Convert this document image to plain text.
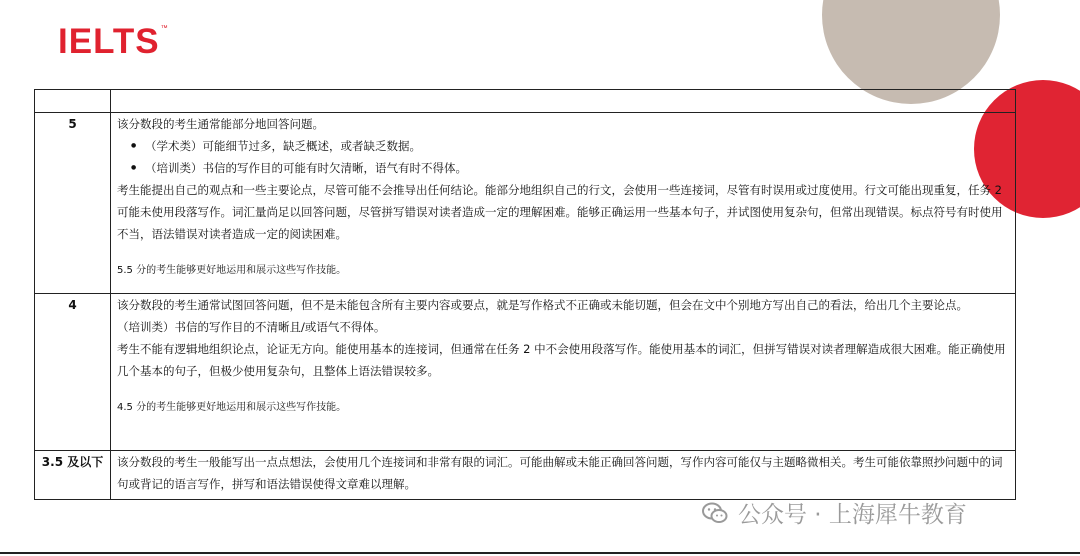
IELTS™

5	该分数段的考生通常能部分地回答问题。
● （学术类）可能细节过多，缺乏概述，或者缺乏数据。
● （培训类）书信的写作目的可能有时欠清晰，语气有时不得体。
考生能提出自己的观点和一些主要论点，尽管可能不会推导出任何结论。能部分地组织自己的行文，会使用一些连接词，尽管有时误用或过度使用。行文可能出现重复，任务 2 可能未使用段落写作。词汇量尚足以回答问题，尽管拼写错误对读者造成一定的理解困难。能够正确运用一些基本句子，并试图使用复杂句，但常出现错误。标点符号有时使用不当，语法错误对读者造成一定的阅读困难。
5.5 分的考生能够更好地运用和展示这些写作技能。

4	该分数段的考生通常试图回答问题，但不是未能包含所有主要内容或要点，就是写作格式不正确或未能切题，但会在文中个别地方写出自己的看法，给出几个主要论点。
（培训类）书信的写作目的不清晰且/或语气不得体。
考生不能有逻辑地组织论点，论证无方向。能使用基本的连接词，但通常在任务 2 中不会使用段落写作。能使用基本的词汇，但拼写错误对读者理解造成很大困难。能正确使用几个基本的句子，但极少使用复杂句，且整体上语法错误较多。
4.5 分的考生能够更好地运用和展示这些写作技能。

3.5 及以下	该分数段的考生一般能写出一点点想法，会使用几个连接词和非常有限的词汇。可能曲解或未能正确回答问题，写作内容可能仅与主题略微相关。考生可能依靠照抄问题中的词句或背记的语言写作，拼写和语法错误使得文章难以理解。
公众号 · 上海犀牛教育
